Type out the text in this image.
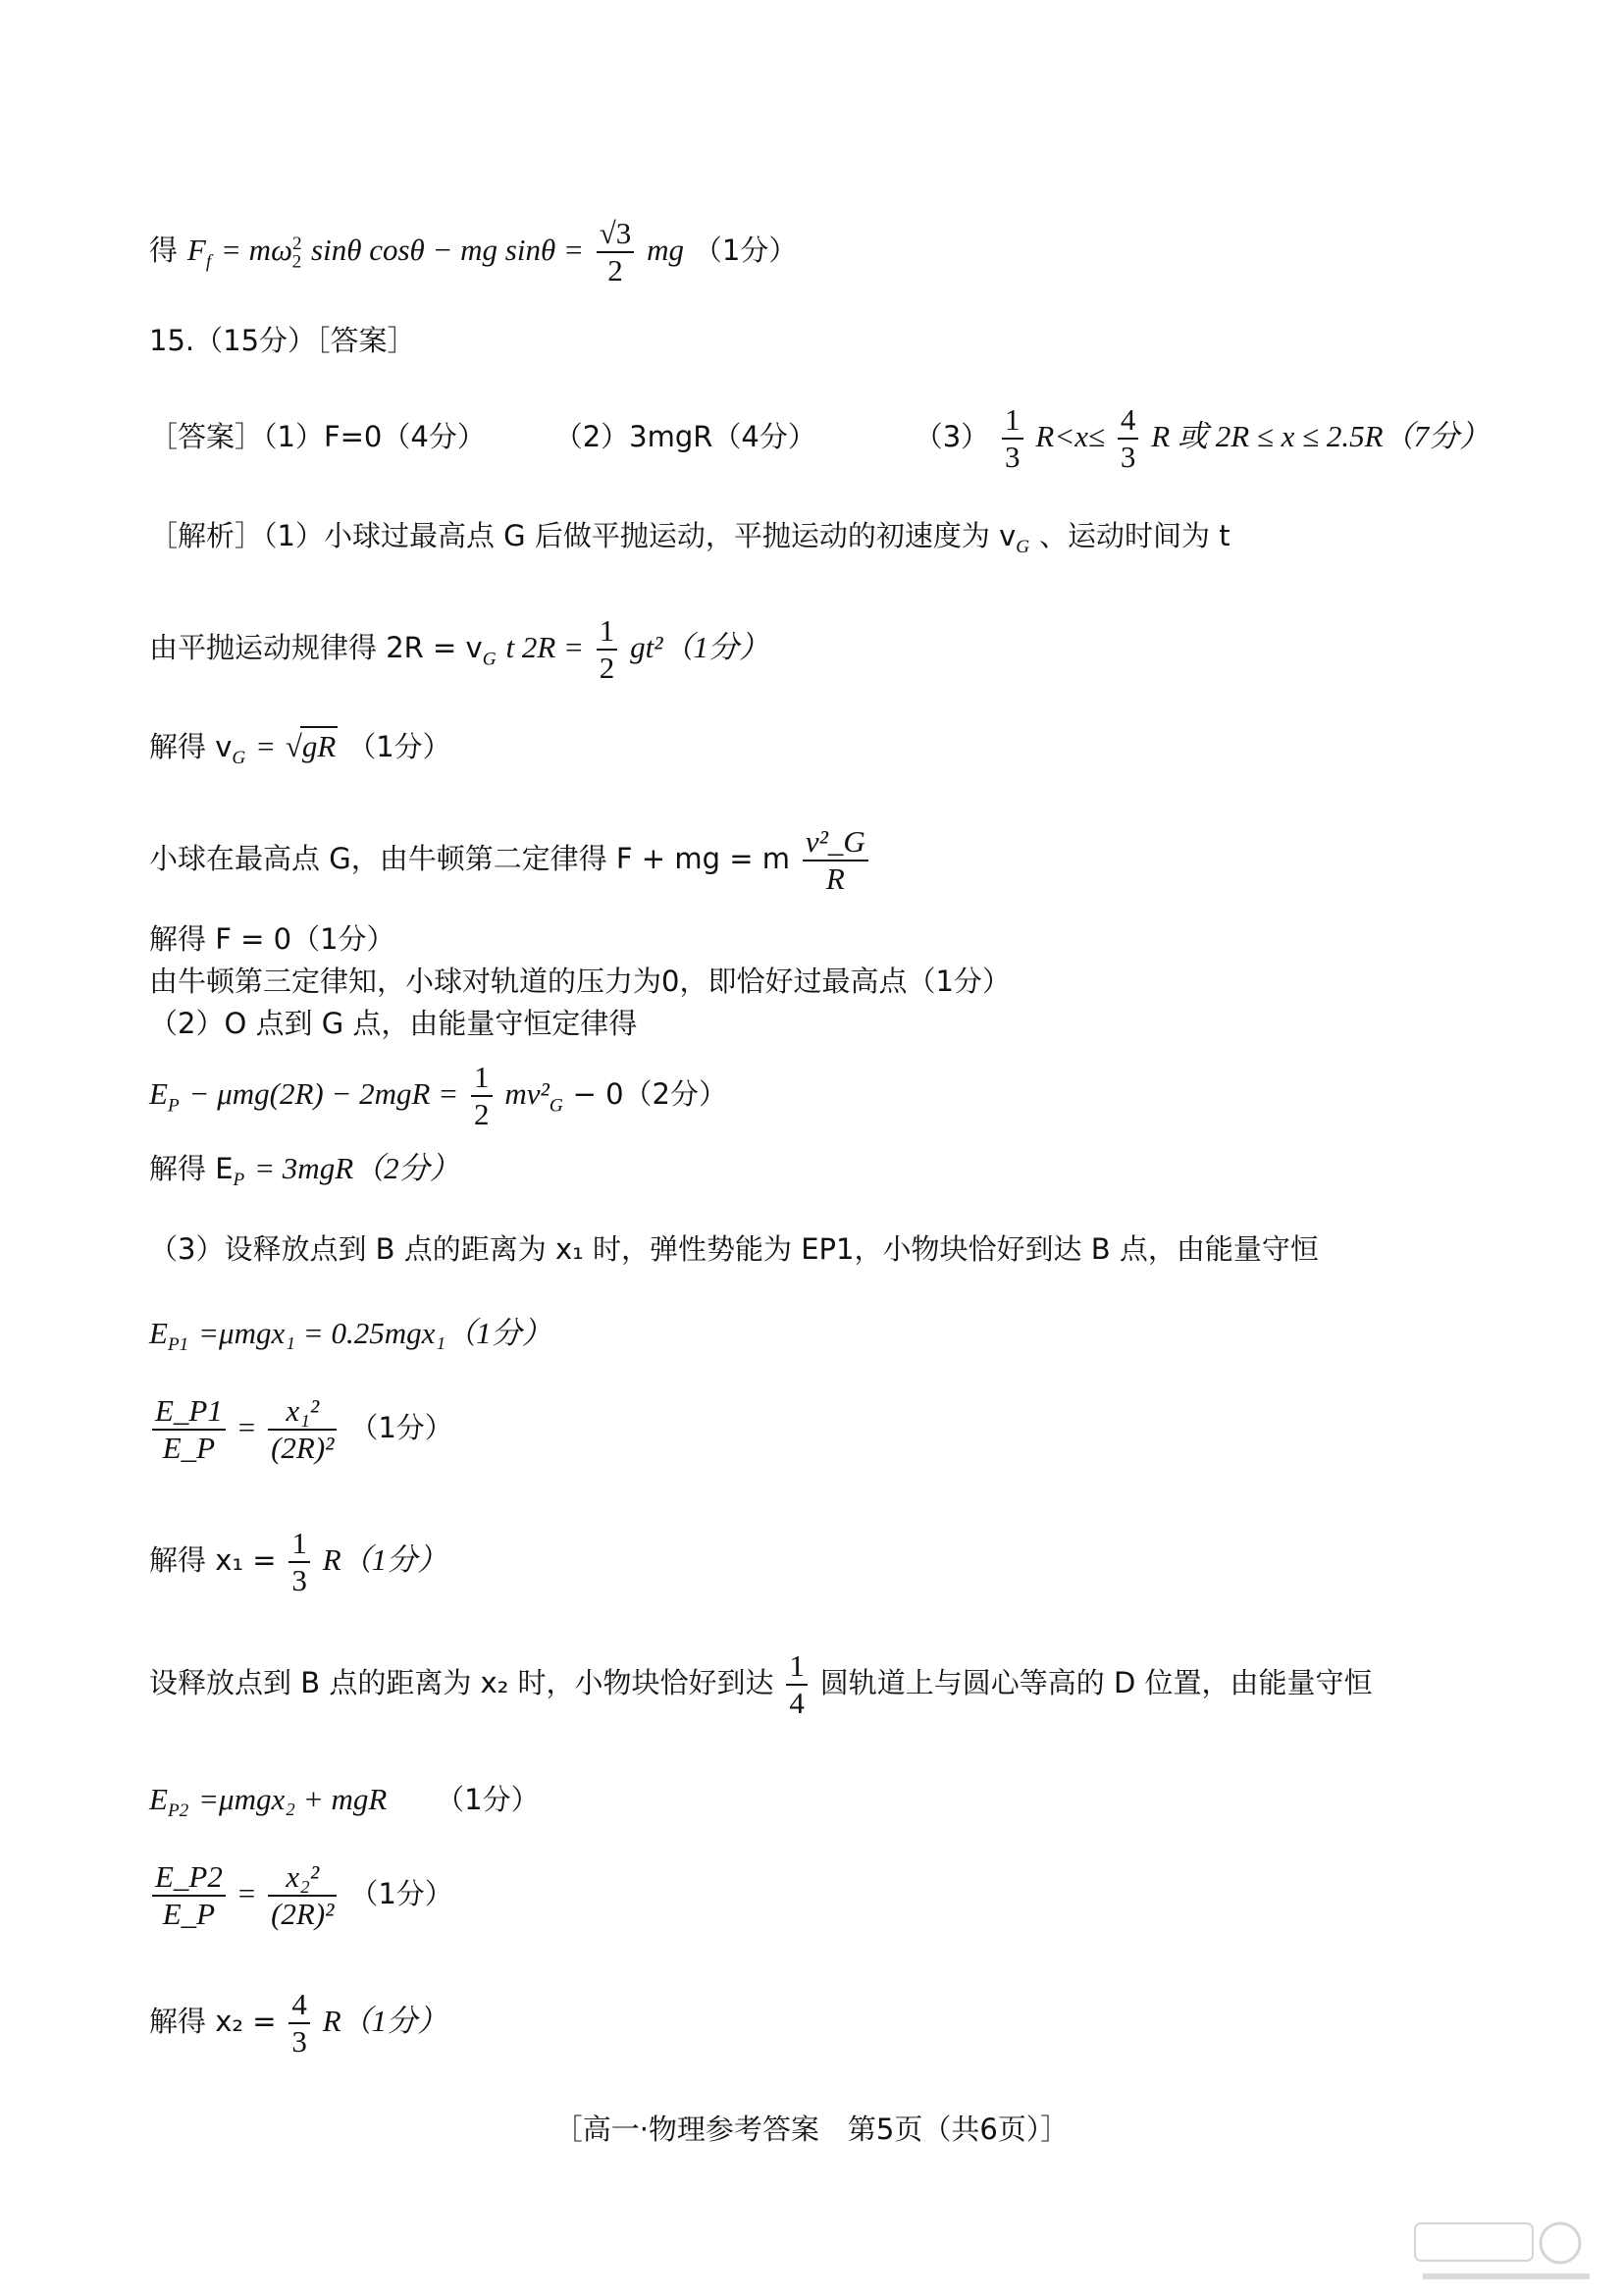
得 $F_f = m\omega^2_2$ sinθ cosθ − mg $\sin\theta = \frac{√3}{2}$ mg （1分）
15.（15分）［答案］
［答案］（1）F=0（4分） （2）3mgR（4分）	$(3) \frac{1}{3} R<x\le \frac{4}{3}$ R 或 2R ≤ x ≤ 2.5R（7分）
［解析］（1）小球过最高点 G 后做平抛运动，平抛运动的初速度为 $v_G$ 、运动时间为 t
由平抛运动规律得 $2R = v_G$ t $2R = \frac{1}{2} gt^2(1$分）
解得 $v_G = √gR$ （1分）
小球在最高点 G，由牛顿第二定律得 F + mg = m $\frac{\text{v²\_G}}{R}$
解得 F = 0（1分）
由牛顿第三定律知，小球对轨道的压力为0，即恰好过最高点（1分）
（2）O 点到 G 点，由能量守恒定律得
$E_P - \mu mg(2R) - 2mgR = \frac{1}{2} mv^2_G - 0(2$分）
解得 $E_P = 3mgR(2$分）
（3）设释放点到 B 点的距离为 x₁ 时，弹性势能为 EP1，小物块恰好到达 B 点，由能量守恒
$E_{P1} =\mu mgx_1 = 0.25mgx_1(1$分）
$\frac{E\_P1}{E\_P} = \frac{\text{x₁²}}{\text{(2R)²}} (1$分）
解得 $x_1 = \frac{1}{3} R(1$分）
设释放点到 B 点的距离为 x₂ 时，小物块恰好到达 $\frac{1}{4}$ 圆轨道上与圆心等高的 D 位置，由能量守恒
$E_{P2} =\mu mgx_2$ + mgR （1分）
$\frac{E\_P2}{E\_P} = \frac{\text{x₂²}}{\text{(2R)²}} (1$分）
解得 $x_2 = \frac{4}{3} R(1$分）
［高一·物理参考答案　第5页（共6页）］
